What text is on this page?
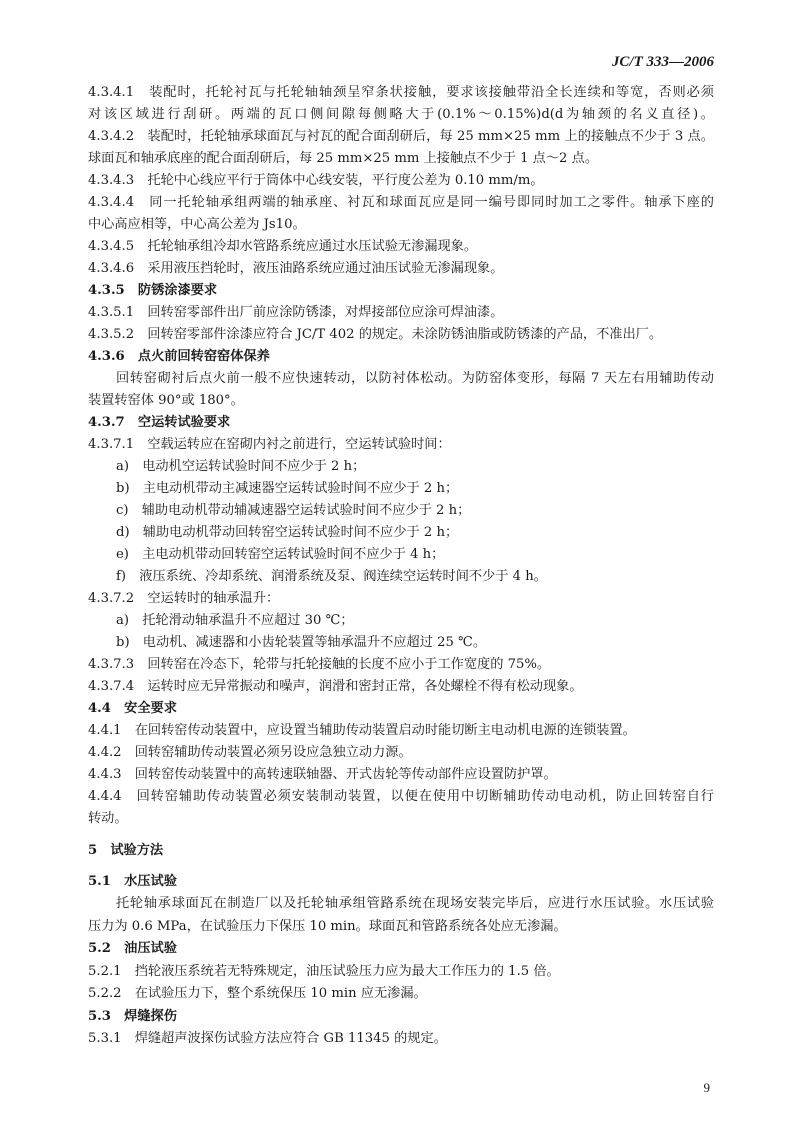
JC/T 333—2006
4.3.4.1　装配时，托轮衬瓦与托轮轴轴颈呈窄条状接触，要求该接触带沿全长连续和等宽，否则必须
对该区域进行刮研。两端的瓦口侧间隙每侧略大于(0.1%～0.15%)d(d为轴颈的名义直径)。
4.3.4.2　装配时，托轮轴承球面瓦与衬瓦的配合面刮研后，每 25 mm×25 mm 上的接触点不少于 3 点。
球面瓦和轴承底座的配合面刮研后，每 25 mm×25 mm 上接触点不少于 1 点～2 点。
4.3.4.3　托轮中心线应平行于筒体中心线安装，平行度公差为 0.10 mm/m。
4.3.4.4　同一托轮轴承组两端的轴承座、衬瓦和球面瓦应是同一编号即同时加工之零件。轴承下座的
中心高应相等，中心高公差为 Js10。
4.3.4.5　托轮轴承组冷却水管路系统应通过水压试验无渗漏现象。
4.3.4.6　采用液压挡轮时，液压油路系统应通过油压试验无渗漏现象。
4.3.5　防锈涂漆要求
4.3.5.1　回转窑零部件出厂前应涂防锈漆，对焊接部位应涂可焊油漆。
4.3.5.2　回转窑零部件涂漆应符合 JC/T 402 的规定。未涂防锈油脂或防锈漆的产品，不准出厂。
4.3.6　点火前回转窑窑体保养
回转窑砌衬后点火前一般不应快速转动，以防衬体松动。为防窑体变形，每隔 7 天左右用辅助传动
装置转窑体 90°或 180°。
4.3.7　空运转试验要求
4.3.7.1　空载运转应在窑砌内衬之前进行，空运转试验时间：
a)　电动机空运转试验时间不应少于 2 h；
b)　主电动机带动主减速器空运转试验时间不应少于 2 h；
c)　辅助电动机带动辅减速器空运转试验时间不应少于 2 h；
d)　辅助电动机带动回转窑空运转试验时间不应少于 2 h；
e)　主电动机带动回转窑空运转试验时间不应少于 4 h；
f)　液压系统、冷却系统、润滑系统及泵、阀连续空运转时间不少于 4 h。
4.3.7.2　空运转时的轴承温升：
a)　托轮滑动轴承温升不应超过 30 ℃；
b)　电动机、减速器和小齿轮装置等轴承温升不应超过 25 ℃。
4.3.7.3　回转窑在冷态下，轮带与托轮接触的长度不应小于工作宽度的 75%。
4.3.7.4　运转时应无异常振动和噪声，润滑和密封正常，各处螺栓不得有松动现象。
4.4　安全要求
4.4.1　在回转窑传动装置中，应设置当辅助传动装置启动时能切断主电动机电源的连锁装置。
4.4.2　回转窑辅助传动装置必须另设应急独立动力源。
4.4.3　回转窑传动装置中的高转速联轴器、开式齿轮等传动部件应设置防护罩。
4.4.4　回转窑辅助传动装置必须安装制动装置，以便在使用中切断辅助传动电动机，防止回转窑自行
转动。
5　试验方法
5.1　水压试验
托轮轴承球面瓦在制造厂以及托轮轴承组管路系统在现场安装完毕后，应进行水压试验。水压试验
压力为 0.6 MPa，在试验压力下保压 10 min。球面瓦和管路系统各处应无渗漏。
5.2　油压试验
5.2.1　挡轮液压系统若无特殊规定，油压试验压力应为最大工作压力的 1.5 倍。
5.2.2　在试验压力下，整个系统保压 10 min 应无渗漏。
5.3　焊缝探伤
5.3.1　焊缝超声波探伤试验方法应符合 GB 11345 的规定。
9
